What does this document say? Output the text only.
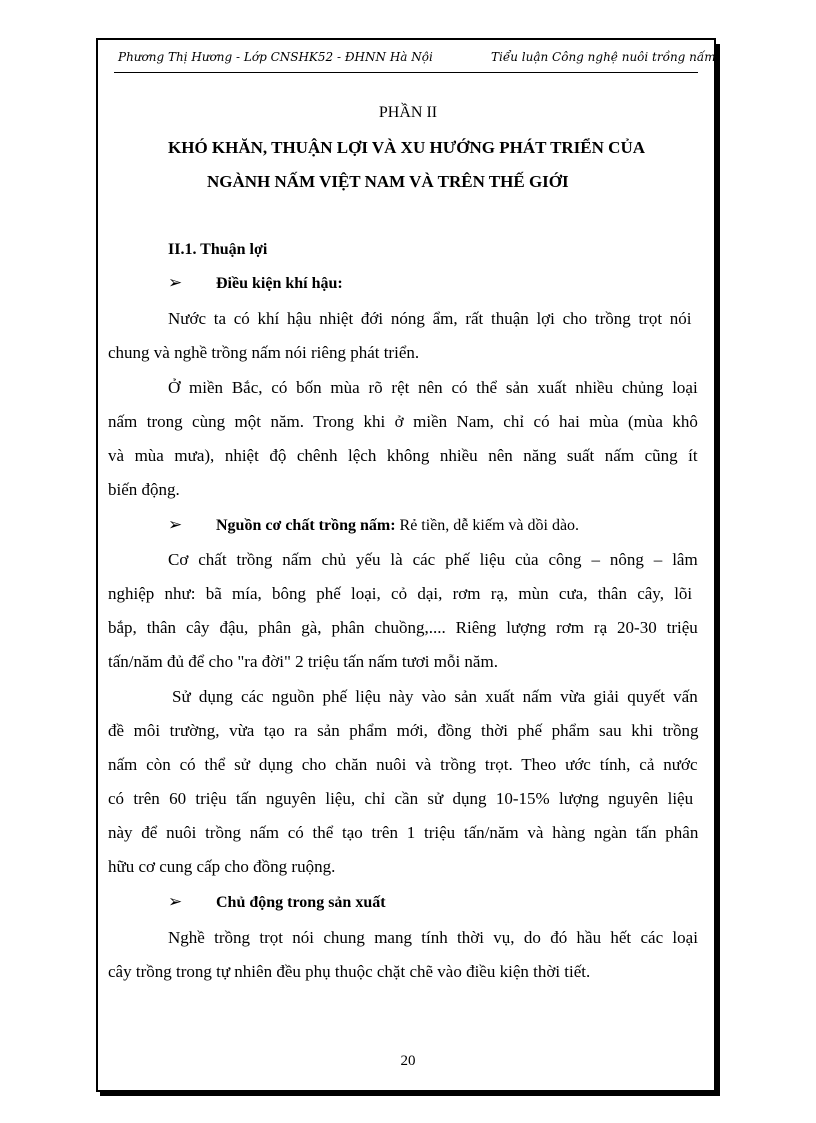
Phương Thị Hương - Lớp CNSHK52 - ĐHNN Hà Nội	Tiểu luận Công nghệ nuôi trồng nấm
PHẦN II
KHÓ KHĂN, THUẬN LỢI VÀ XU HƯỚNG PHÁT TRIỂN CỦA
NGÀNH NẤM VIỆT NAM VÀ TRÊN THẾ GIỚI
II.1. Thuận lợi
➢ Điều kiện khí hậu:
Nước ta có khí hậu nhiệt đới nóng ẩm, rất thuận lợi cho trồng trọt nói
chung và nghề trồng nấm nói riêng phát triển.
Ở miền Bắc, có bốn mùa rõ rệt nên có thể sản xuất nhiều chủng loại
nấm trong cùng một năm. Trong khi ở miền Nam, chỉ có hai mùa (mùa khô
và mùa mưa), nhiệt độ chênh lệch không nhiều nên năng suất nấm cũng ít
biến động.
➢ Nguồn cơ chất trồng nấm: Rẻ tiền, dễ kiếm và dồi dào.
Cơ chất trồng nấm chủ yếu là các phế liệu của công – nông – lâm
nghiệp như: bã mía, bông phế loại, cỏ dại, rơm rạ, mùn cưa, thân cây, lõi
bắp, thân cây đậu, phân gà, phân chuồng,.... Riêng lượng rơm rạ 20-30 triệu
tấn/năm đủ để cho "ra đời" 2 triệu tấn nấm tươi mỗi năm.
Sử dụng các nguồn phế liệu này vào sản xuất nấm vừa giải quyết vấn
đề môi trường, vừa tạo ra sản phẩm mới, đồng thời phế phẩm sau khi trồng
nấm còn có thể sử dụng cho chăn nuôi và trồng trọt. Theo ước tính, cả nước
có trên 60 triệu tấn nguyên liệu, chỉ cần sử dụng 10-15% lượng nguyên liệu
này để nuôi trồng nấm có thể tạo trên 1 triệu tấn/năm và hàng ngàn tấn phân
hữu cơ cung cấp cho đồng ruộng.
➢ Chủ động trong sản xuất
Nghề trồng trọt nói chung mang tính thời vụ, do đó hầu hết các loại
cây trồng trong tự nhiên đều phụ thuộc chặt chẽ vào điều kiện thời tiết.
20
